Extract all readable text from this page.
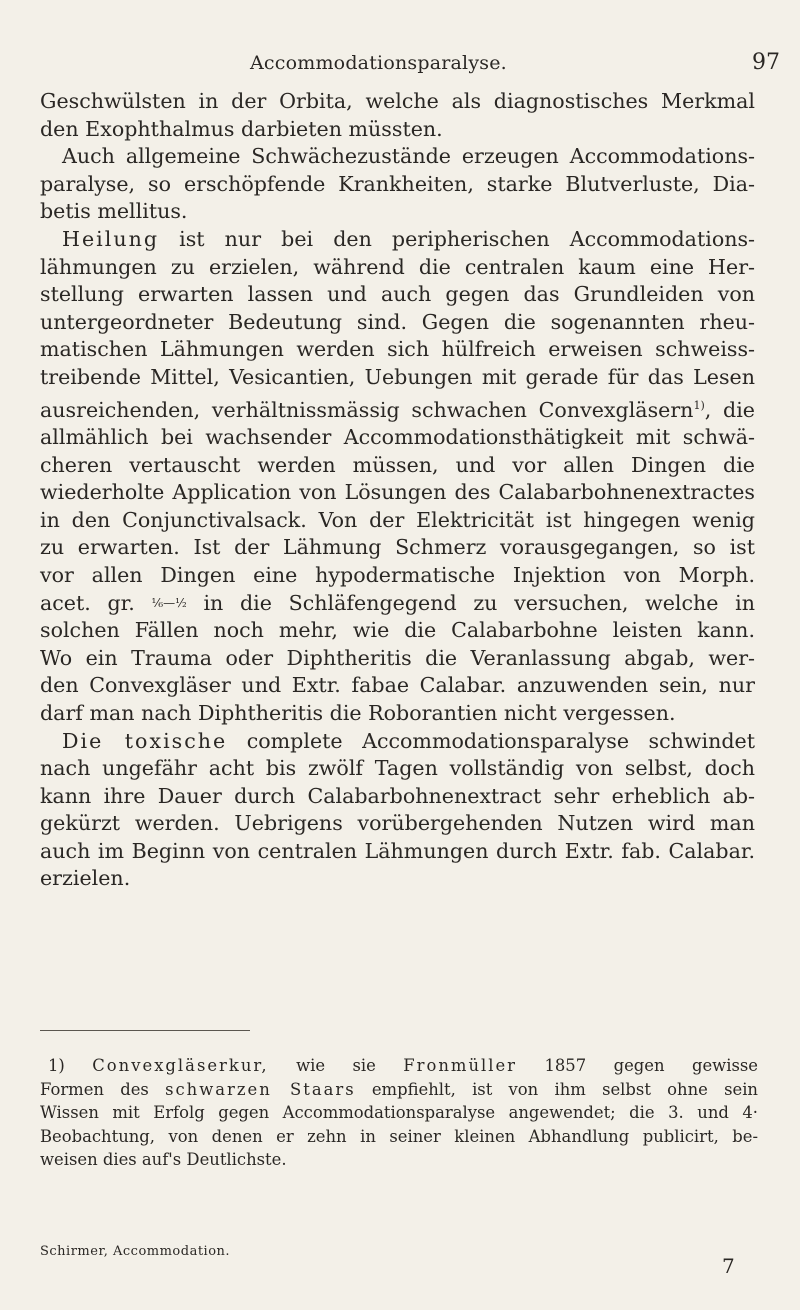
Accommodationsparalyse.	97
Geschwülsten in der Orbita, welche als diagnostisches Merkmal
den Exophthalmus darbieten müssten.
Auch allgemeine Schwächezustände erzeugen Accommodations-
paralyse, so erschöpfende Krankheiten, starke Blutverluste, Dia-
betis mellitus.
Heilung ist nur bei den peripherischen Accommodations-
lähmungen zu erzielen, während die centralen kaum eine Her-
stellung erwarten lassen und auch gegen das Grundleiden von
untergeordneter Bedeutung sind. Gegen die sogenannten rheu-
matischen Lähmungen werden sich hülfreich erweisen schweiss-
treibende Mittel, Vesicantien, Uebungen mit gerade für das Lesen
ausreichenden, verhältnissmässig schwachen Convexgläsern$^{1)}$, die
allmählich bei wachsender Accommodationsthätigkeit mit schwä-
cheren vertauscht werden müssen, und vor allen Dingen die
wiederholte Application von Lösungen des Calabarbohnenextractes
in den Conjunctivalsack. Von der Elektricität ist hingegen wenig
zu erwarten. Ist der Lähmung Schmerz vorausgegangen, so ist
vor allen Dingen eine hypodermatische Injektion von Morph.
acet. gr. ⅙—½ in die Schläfengegend zu versuchen, welche in
solchen Fällen noch mehr, wie die Calabarbohne leisten kann.
Wo ein Trauma oder Diphtheritis die Veranlassung abgab, wer-
den Convexgläser und Extr. fabae Calabar. anzuwenden sein, nur
darf man nach Diphtheritis die Roborantien nicht vergessen.
Die toxische complete Accommodationsparalyse schwindet
nach ungefähr acht bis zwölf Tagen vollständig von selbst, doch
kann ihre Dauer durch Calabarbohnenextract sehr erheblich ab-
gekürzt werden. Uebrigens vorübergehenden Nutzen wird man
auch im Beginn von centralen Lähmungen durch Extr. fab. Calabar.
erzielen.
1) Convexgläserkur, wie sie Fronmüller 1857 gegen gewisse
Formen des schwarzen Staars empfiehlt, ist von ihm selbst ohne sein
Wissen mit Erfolg gegen Accommodationsparalyse angewendet; die 3. und 4·
Beobachtung, von denen er zehn in seiner kleinen Abhandlung publicirt, be-
weisen dies auf's Deutlichste.
Schirmer, Accommodation.
7
